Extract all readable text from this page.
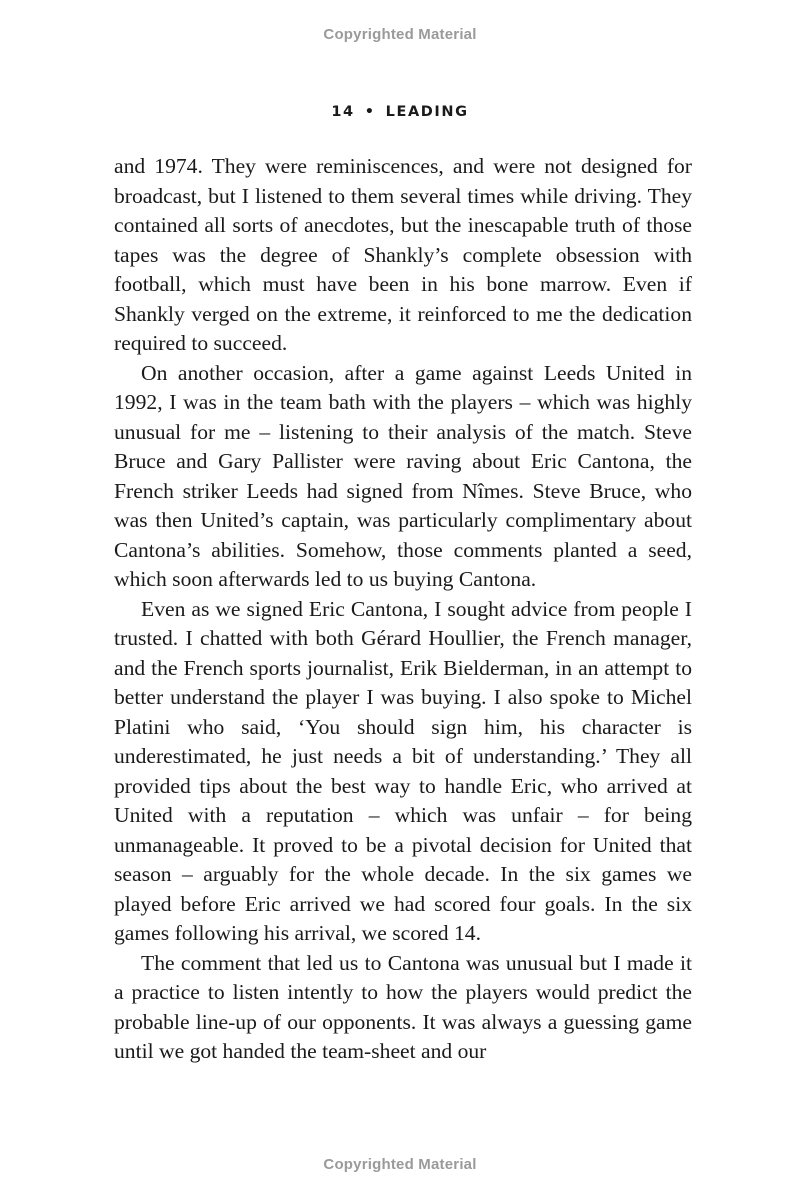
Copyrighted Material
14 • LEADING

and 1974. They were reminiscences, and were not designed for broadcast, but I listened to them several times while driving. They contained all sorts of anecdotes, but the inescapable truth of those tapes was the degree of Shankly’s complete obsession with football, which must have been in his bone marrow. Even if Shankly verged on the extreme, it reinforced to me the dedication required to succeed.

On another occasion, after a game against Leeds United in 1992, I was in the team bath with the players – which was highly unusual for me – listening to their analysis of the match. Steve Bruce and Gary Pallister were raving about Eric Cantona, the French striker Leeds had signed from Nîmes. Steve Bruce, who was then United’s captain, was particularly complimentary about Cantona’s abilities. Somehow, those comments planted a seed, which soon afterwards led to us buying Cantona.

Even as we signed Eric Cantona, I sought advice from people I trusted. I chatted with both Gérard Houllier, the French manager, and the French sports journalist, Erik Bielderman, in an attempt to better understand the player I was buying. I also spoke to Michel Platini who said, ‘You should sign him, his character is underestimated, he just needs a bit of understanding.’ They all provided tips about the best way to handle Eric, who arrived at United with a reputation – which was unfair – for being unmanageable. It proved to be a pivotal decision for United that season – arguably for the whole decade. In the six games we played before Eric arrived we had scored four goals. In the six games following his arrival, we scored 14.

The comment that led us to Cantona was unusual but I made it a practice to listen intently to how the players would predict the probable line-up of our opponents. It was always a guessing game until we got handed the team-sheet and our

Copyrighted Material
